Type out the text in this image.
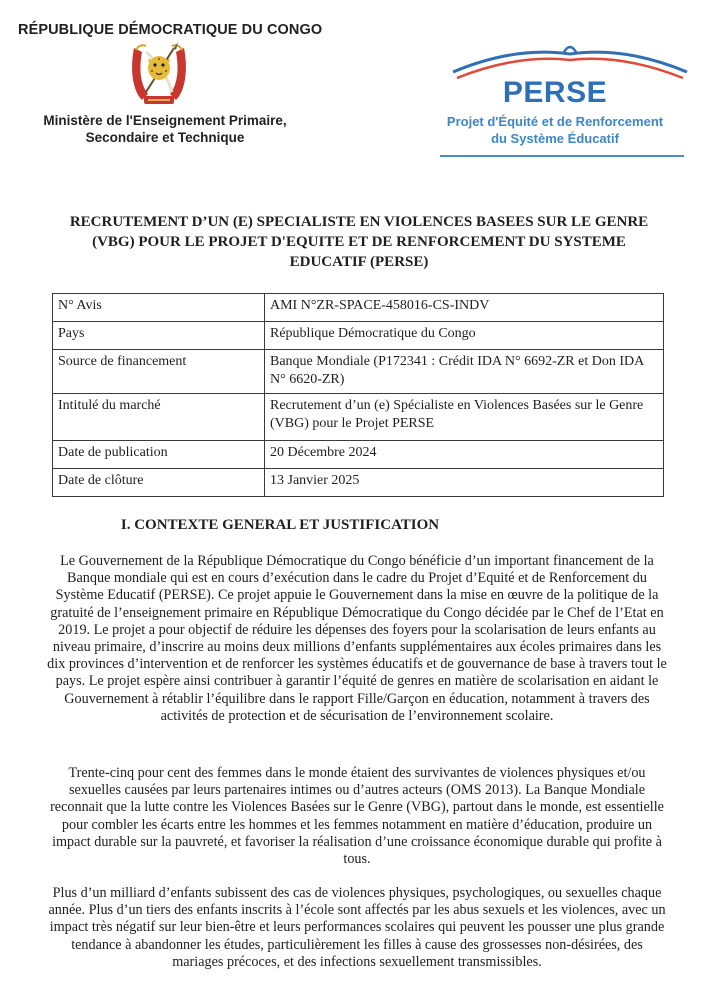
RÉPUBLIQUE DÉMOCRATIQUE DU CONGO
Ministère de l'Enseignement Primaire,
Secondaire et Technique
PERSE
Projet d'Équité et de Renforcement
du Système Éducatif
RECRUTEMENT D’UN (E) SPECIALISTE EN VIOLENCES BASEES SUR LE GENRE
(VBG) POUR LE PROJET D'EQUITE ET DE RENFORCEMENT DU SYSTEME
EDUCATIF (PERSE)
N° Avis	AMI N°ZR-SPACE-458016-CS-INDV
Pays	République Démocratique du Congo
Source de financement	Banque Mondiale (P172341 : Crédit IDA N° 6692-ZR et Don IDA N° 6620-ZR)
Intitulé du marché	Recrutement d’un (e) Spécialiste en Violences Basées sur le Genre (VBG) pour le Projet PERSE
Date de publication	20 Décembre 2024
Date de clôture	13 Janvier 2025
I. CONTEXTE GENERAL ET JUSTIFICATION

Le Gouvernement de la République Démocratique du Congo bénéficie d’un important financement de la Banque mondiale qui est en cours d’exécution dans le cadre du Projet d’Equité et de Renforcement du Système Educatif (PERSE). Ce projet appuie le Gouvernement dans la mise en œuvre de la politique de la gratuité de l’enseignement primaire en République Démocratique du Congo décidée par le Chef de l’Etat en 2019. Le projet a pour objectif de réduire les dépenses des foyers pour la scolarisation de leurs enfants au niveau primaire, d’inscrire au moins deux millions d’enfants supplémentaires aux écoles primaires dans les dix provinces d’intervention et de renforcer les systèmes éducatifs et de gouvernance de base à travers tout le pays. Le projet espère ainsi contribuer à garantir l’équité de genres en matière de scolarisation en aidant le Gouvernement à rétablir l’équilibre dans le rapport Fille/Garçon en éducation, notamment à travers des activités de protection et de sécurisation de l’environnement scolaire.

Trente-cinq pour cent des femmes dans le monde étaient des survivantes de violences physiques et/ou sexuelles causées par leurs partenaires intimes ou d’autres acteurs (OMS 2013). La Banque Mondiale reconnait que la lutte contre les Violences Basées sur le Genre (VBG), partout dans le monde, est essentielle pour combler les écarts entre les hommes et les femmes notamment en matière d’éducation, produire un impact durable sur la pauvreté, et favoriser la réalisation d’une croissance économique durable qui profite à tous.

Plus d’un milliard d’enfants subissent des cas de violences physiques, psychologiques, ou sexuelles chaque année. Plus d’un tiers des enfants inscrits à l’école sont affectés par les abus sexuels et les violences, avec un impact très négatif sur leur bien-être et leurs performances scolaires qui peuvent les pousser une plus grande tendance à abandonner les études, particulièrement les filles à cause des grossesses non-désirées, des mariages précoces, et des infections sexuellement transmissibles.
